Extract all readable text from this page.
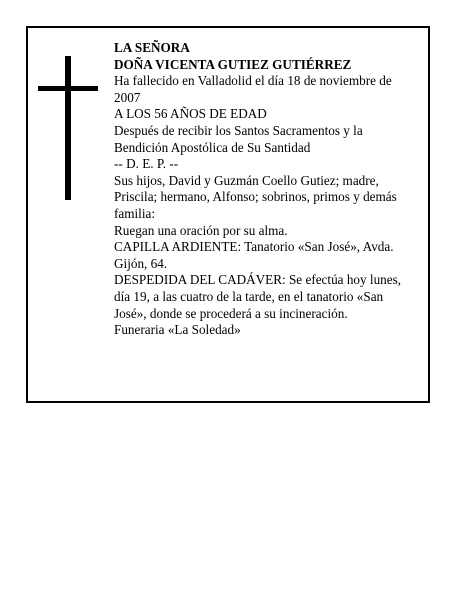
LA SEÑORA

DOÑA VICENTA GUTIEZ GUTIÉRREZ

Ha fallecido en Valladolid el día 18 de noviembre de 2007

A LOS 56 AÑOS DE EDAD

Después de recibir los Santos Sacramentos y la Bendición Apostólica de Su Santidad

-- D. E. P. --

Sus hijos, David y Guzmán Coello Gutiez; madre, Priscila; hermano, Alfonso; sobrinos, primos y demás familia:

Ruegan una oración por su alma.

CAPILLA ARDIENTE: Tanatorio «San José», Avda. Gijón, 64.

DESPEDIDA DEL CADÁVER: Se efectúa hoy lunes, día 19, a las cuatro de la tarde, en el tanatorio «San José», donde se procederá a su incineración.

Funeraria «La Soledad»
